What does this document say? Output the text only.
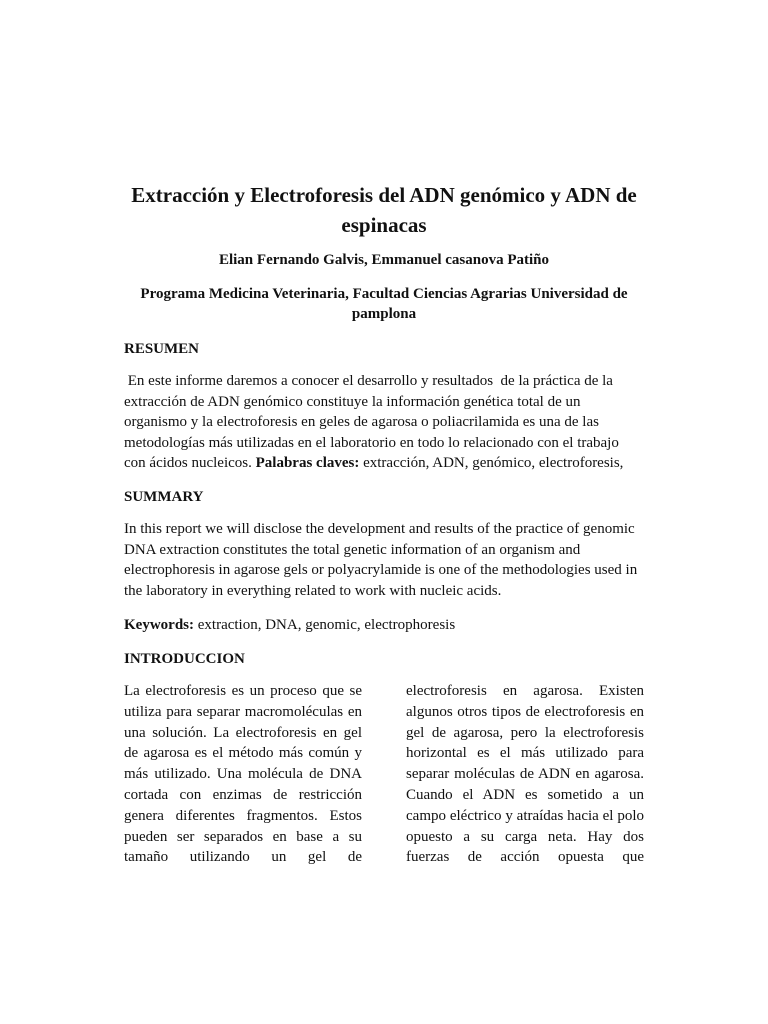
Extracción y Electroforesis del ADN genómico y ADN de
espinacas
Elian Fernando Galvis, Emmanuel casanova Patiño
Programa Medicina Veterinaria, Facultad Ciencias Agrarias Universidad de
pamplona
RESUMEN
En este informe daremos a conocer el desarrollo y resultados  de la práctica de la
extracción de ADN genómico constituye la información genética total de un
organismo y la electroforesis en geles de agarosa o poliacrilamida es una de las
metodologías más utilizadas en el laboratorio en todo lo relacionado con el trabajo
con ácidos nucleicos. Palabras claves: extracción, ADN, genómico, electroforesis,
SUMMARY
In this report we will disclose the development and results of the practice of genomic
DNA extraction constitutes the total genetic information of an organism and
electrophoresis in agarose gels or polyacrylamide is one of the methodologies used in
the laboratory in everything related to work with nucleic acids.
Keywords: extraction, DNA, genomic, electrophoresis
INTRODUCCION
La electroforesis es un proceso que se
utiliza para separar macromoléculas en
una solución. La electroforesis en gel
de agarosa es el método más común y
más utilizado. Una molécula de DNA
cortada con enzimas de restricción
genera diferentes fragmentos. Estos
pueden ser separados en base a su
tamaño utilizando un gel de
electroforesis en agarosa. Existen
algunos otros tipos de electroforesis en
gel de agarosa, pero la electroforesis
horizontal es el más utilizado para
separar moléculas de ADN en agarosa.
Cuando el ADN es sometido a un
campo eléctrico y atraídas hacia el polo
opuesto a su carga neta. Hay dos
fuerzas de acción opuesta que
